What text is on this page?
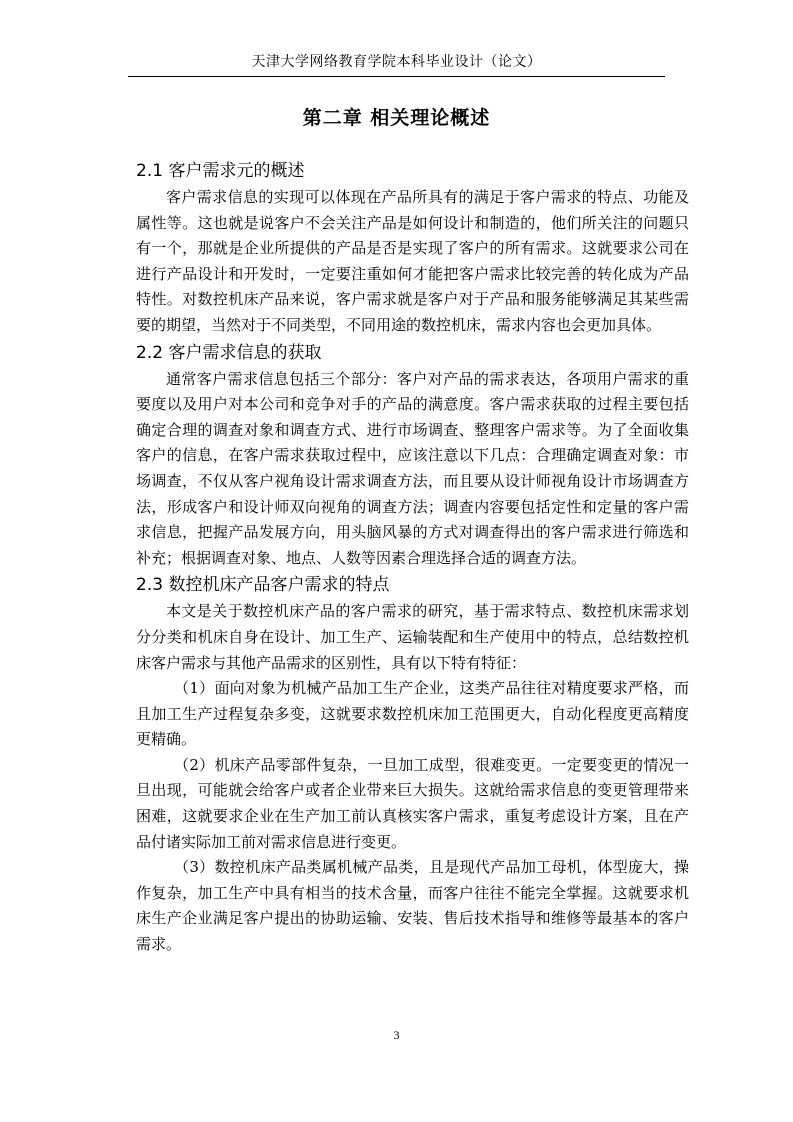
天津大学网络教育学院本科毕业设计（论文）
第二章 相关理论概述
2.1 客户需求元的概述

客户需求信息的实现可以体现在产品所具有的满足于客户需求的特点、功能及属性等。这也就是说客户不会关注产品是如何设计和制造的，他们所关注的问题只有一个，那就是企业所提供的产品是否是实现了客户的所有需求。这就要求公司在进行产品设计和开发时，一定要注重如何才能把客户需求比较完善的转化成为产品特性。对数控机床产品来说，客户需求就是客户对于产品和服务能够满足其某些需要的期望，当然对于不同类型，不同用途的数控机床，需求内容也会更加具体。

2.2 客户需求信息的获取

通常客户需求信息包括三个部分：客户对产品的需求表达，各项用户需求的重要度以及用户对本公司和竞争对手的产品的满意度。客户需求获取的过程主要包括确定合理的调查对象和调查方式、进行市场调查、整理客户需求等。为了全面收集客户的信息，在客户需求获取过程中，应该注意以下几点：合理确定调查对象：市场调查，不仅从客户视角设计需求调查方法，而且要从设计师视角设计市场调查方法，形成客户和设计师双向视角的调查方法；调查内容要包括定性和定量的客户需求信息，把握产品发展方向，用头脑风暴的方式对调查得出的客户需求进行筛选和补充；根据调查对象、地点、人数等因素合理选择合适的调查方法。

2.3 数控机床产品客户需求的特点

本文是关于数控机床产品的客户需求的研究，基于需求特点、数控机床需求划分分类和机床自身在设计、加工生产、运输装配和生产使用中的特点，总结数控机床客户需求与其他产品需求的区别性，具有以下特有特征：

（1）面向对象为机械产品加工生产企业，这类产品往往对精度要求严格，而且加工生产过程复杂多变，这就要求数控机床加工范围更大，自动化程度更高精度更精确。

（2）机床产品零部件复杂，一旦加工成型，很难变更。一定要变更的情况一旦出现，可能就会给客户或者企业带来巨大损失。这就给需求信息的变更管理带来困难，这就要求企业在生产加工前认真核实客户需求，重复考虑设计方案，且在产品付诸实际加工前对需求信息进行变更。

（3）数控机床产品类属机械产品类，且是现代产品加工母机，体型庞大，操作复杂，加工生产中具有相当的技术含量，而客户往往不能完全掌握。这就要求机床生产企业满足客户提出的协助运输、安装、售后技术指导和维修等最基本的客户需求。

3
